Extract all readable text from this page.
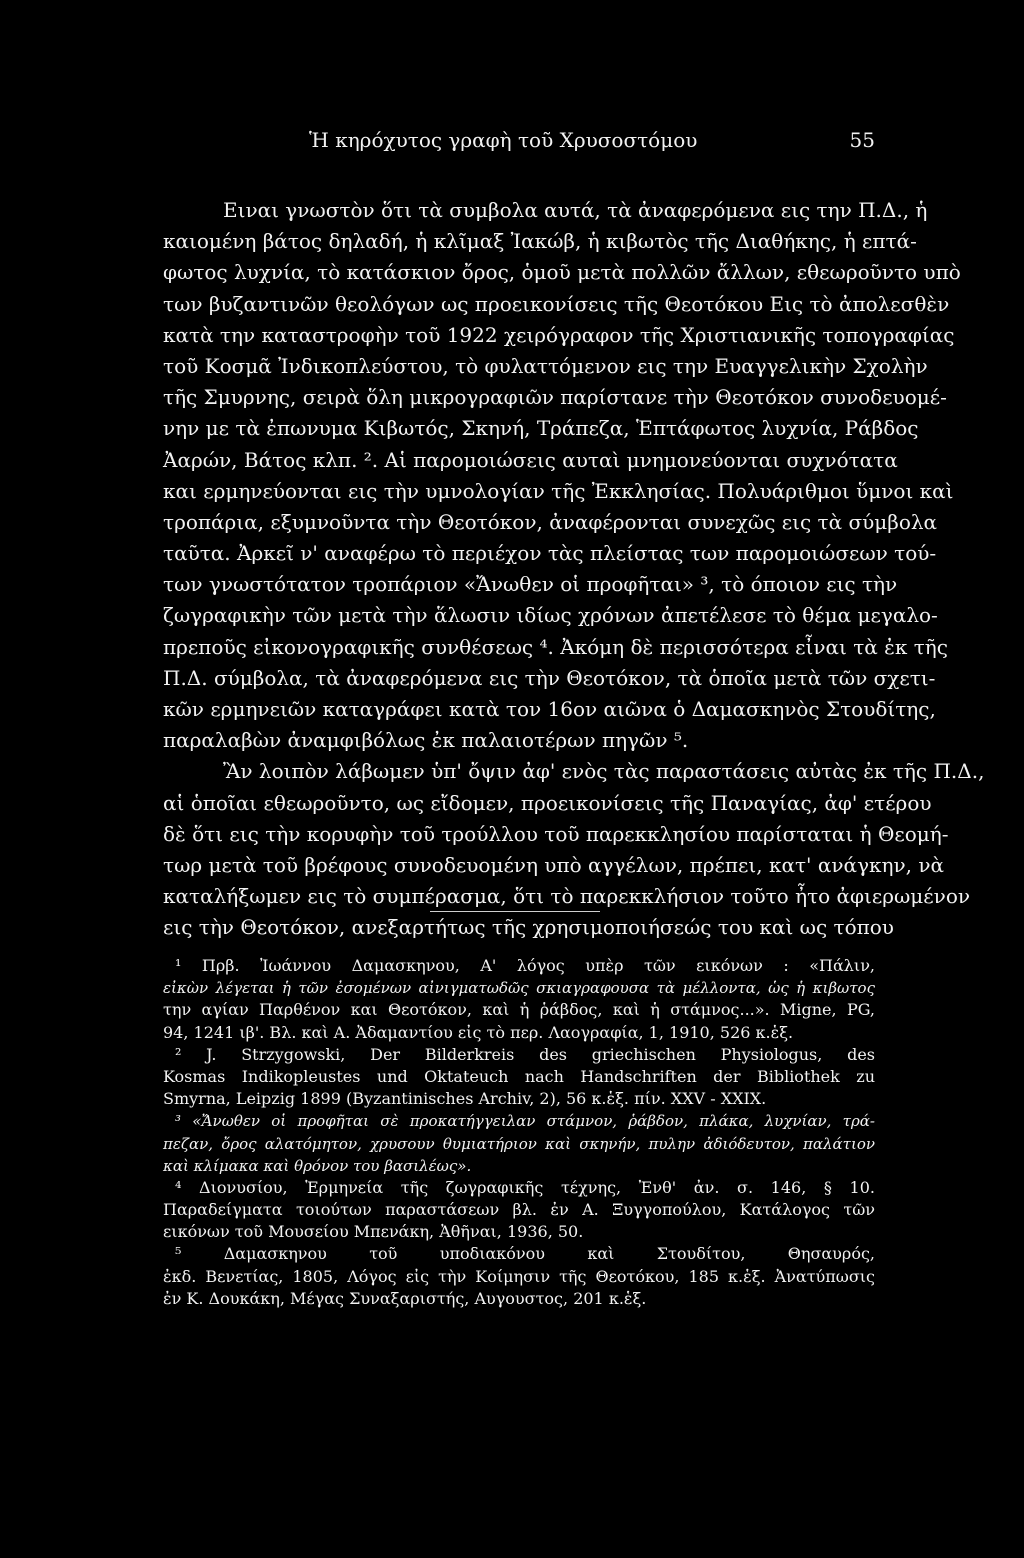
Ἡ κηρόχυτος γραφὴ τοῦ Χρυσοστόμου	55
Ειναι γνωστὸν ὅτι τὰ συμβολα αυτά, τὰ ἀναφερόμενα εις την Π.Δ., ἡ
καιομένη βάτος δηλαδή, ἡ κλῖμαξ Ἰακώβ, ἡ κιβωτὸς τῆς Διαθήκης, ἡ επτά-
φωτος λυχνία, τὸ κατάσκιον ὄρος, ὁμοῦ μετὰ πολλῶν ἄλλων, εθεωροῦντο υπὸ
των βυζαντινῶν θεολόγων ως προεικονίσεις τῆς Θεοτόκου Εις τὸ ἀπολεσθὲν
κατὰ την καταστροφὴν τοῦ 1922 χειρόγραφον τῆς Χριστιανικῆς τοπογραφίας
τοῦ Κοσμᾶ Ἰνδικοπλεύστου, τὸ φυλαττόμενον εις την Ευαγγελικὴν Σχολὴν
τῆς Σμυρνης, σειρὰ ὅλη μικρογραφιῶν παρίστανε τὴν Θεοτόκον συνοδευομέ-
νην με τὰ ἐπωνυμα Κιβωτός, Σκηνή, Τράπεζα, Ἑπτάφωτος λυχνία, Ράβδος
Ἀαρών, Βάτος κλπ. ². Αἱ παρομοιώσεις αυταὶ μνημονεύονται συχνότατα
και ερμηνεύονται εις τὴν υμνολογίαν τῆς Ἐκκλησίας. Πολυάριθμοι ὕμνοι καὶ
τροπάρια, εξυμνοῦντα τὴν Θεοτόκον, ἀναφέρονται συνεχῶς εις τὰ σύμβολα
ταῦτα. Ἀρκεῖ ν' αναφέρω τὸ περιέχον τὰς πλείστας των παρομοιώσεων τού-
των γνωστότατον τροπάριον «Ἄνωθεν οἱ προφῆται» ³, τὸ όποιον εις τὴν
ζωγραφικὴν τῶν μετὰ τὴν ἅλωσιν ιδίως χρόνων ἀπετέλεσε τὸ θέμα μεγαλο-
πρεποῦς εἰκονογραφικῆς συνθέσεως ⁴. Ἀκόμη δὲ περισσότερα εἶναι τὰ ἐκ τῆς
Π.Δ. σύμβολα, τὰ ἀναφερόμενα εις τὴν Θεοτόκον, τὰ ὁποῖα μετὰ τῶν σχετι-
κῶν ερμηνειῶν καταγράφει κατὰ τον 16ον αιῶνα ὁ Δαμασκηνὸς Στουδίτης,
παραλαβὼν ἀναμφιβόλως ἐκ παλαιοτέρων πηγῶν ⁵.
Ἂν λοιπὸν λάβωμεν ὑπ' ὄψιν ἀφ' ενὸς τὰς παραστάσεις αὐτὰς ἐκ τῆς Π.Δ.,
αἱ ὁποῖαι εθεωροῦντο, ως εἴδομεν, προεικονίσεις τῆς Παναγίας, ἀφ' ετέρου
δὲ ὅτι εις τὴν κορυφὴν τοῦ τρούλλου τοῦ παρεκκλησίου παρίσταται ἡ Θεομή-
τωρ μετὰ τοῦ βρέφους συνοδευομένη υπὸ αγγέλων, πρέπει, κατ' ανάγκην, νὰ
καταλήξωμεν εις τὸ συμπέρασμα, ὅτι τὸ παρεκκλήσιον τοῦτο ἦτο ἀφιερωμένον
εις τὴν Θεοτόκον, ανεξαρτήτως τῆς χρησιμοποιήσεώς του καὶ ως τόπου
¹ Πρβ. Ἰωάννου Δαμασκηνου, Α' λόγος υπὲρ τῶν εικόνων : «Πάλιν,
εἰκὼν λέγεται ἡ τῶν ἐσομένων αἰνιγματωδῶς σκιαγραφουσα τὰ μέλλοντα, ὡς ἡ κιβωτος
την αγίαν Παρθένον και Θεοτόκον, καὶ ἡ ῥάβδος, καὶ ἡ στάμνος...». Migne, PG,
94, 1241 ιβ'. Βλ. καὶ Α. Ἀδαμαντίου εἰς τὸ περ. Λαογραφία, 1, 1910, 526 κ.ἑξ.
² J. Strzygowski, Der Bilderkreis des griechischen Physiologus, des
Kosmas Indikopleustes und Oktateuch nach Handschriften der Bibliothek zu
Smyrna, Leipzig 1899 (Byzantinisches Archiv, 2), 56 κ.ἑξ. πίν. XXV - XXIX.
³ «Ἄνωθεν οἱ προφῆται σὲ προκατήγγειλαν στάμνον, ῥάβδον, πλάκα, λυχνίαν, τρά-
πεζαν, ὄρος αλατόμητον, χρυσουν θυμιατήριον καὶ σκηνήν, πυλην ἀδιόδευτον, παλάτιον
καὶ κλίμακα καὶ θρόνον του βασιλέως».
⁴ Διονυσίου, Ἑρμηνεία τῆς ζωγραφικῆς τέχνης, Ἐνθ' ἀν. σ. 146, § 10.
Παραδείγματα τοιούτων παραστάσεων βλ. ἐν Α. Ξυγγοπούλου, Κατάλογος τῶν
εικόνων τοῦ Μουσείου Μπενάκη, Ἀθῆναι, 1936, 50.
⁵ Δαμασκηνου τοῦ υποδιακόνου καὶ Στουδίτου, Θησαυρός,
ἐκδ. Βενετίας, 1805, Λόγος εἰς τὴν Κοίμησιν τῆς Θεοτόκου, 185 κ.ἑξ. Ἀνατύπωσις
ἐν Κ. Δουκάκη, Μέγας Συναξαριστής, Αυγουστος, 201 κ.ἑξ.
